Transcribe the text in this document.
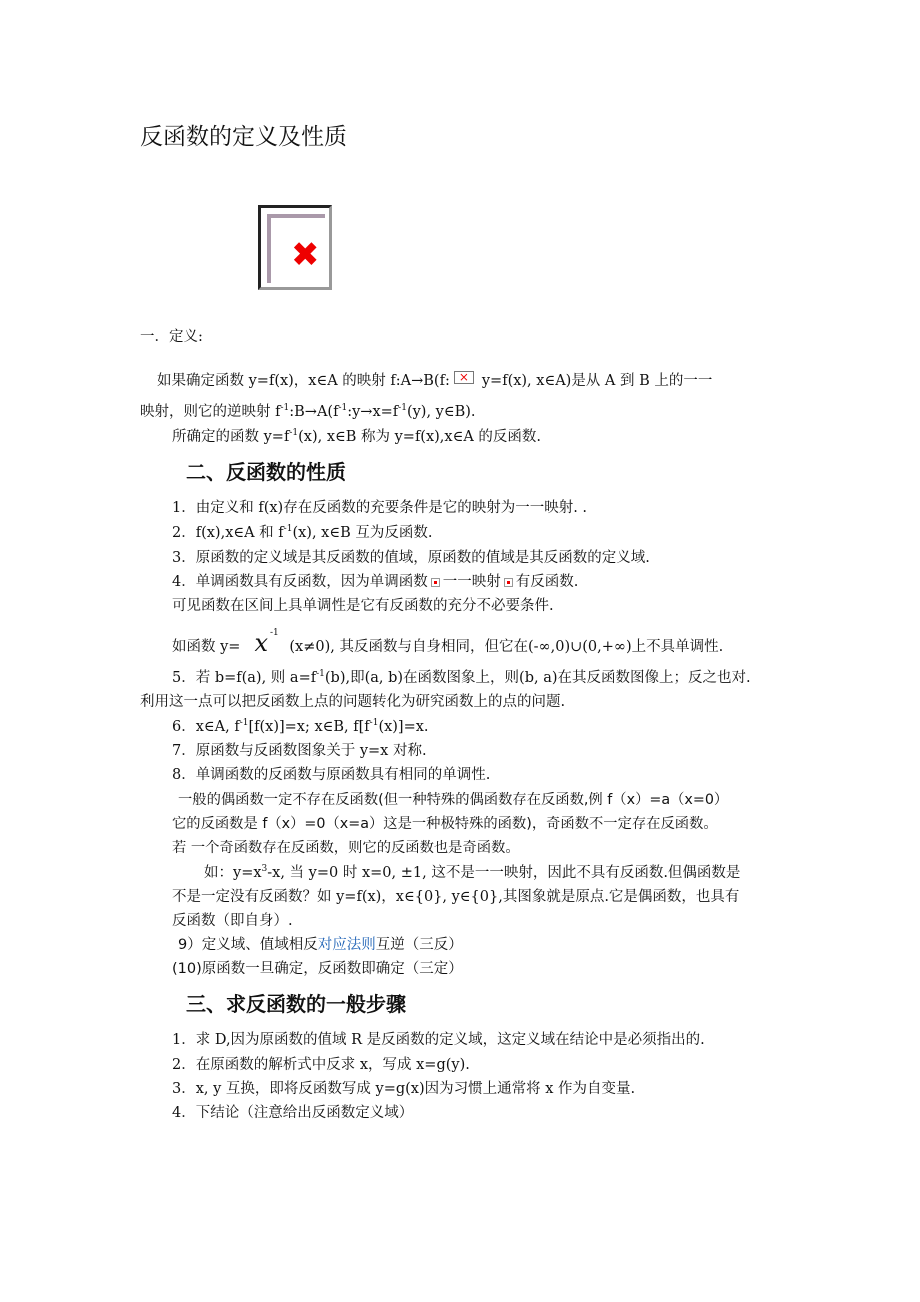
反函数的定义及性质
✖
一．定义:
如果确定函数 y=f(x)，x∈A 的映射 f:A→B(f: × y=f(x), x∈A)是从 A 到 B 上的一一
映射，则它的逆映射 $f^{-1}:B\to A(f^{-1}:y\to x=f^{-1}(y)$, y∈B).
所确定的函数 $y=f^{-1}(x)$, x∈B 称为 y=f(x),x∈A 的反函数.
二、反函数的性质
1．由定义和 f(x)存在反函数的充要条件是它的映射为一一映射. .
2．f(x),x∈A 和 $f^{-1}(x)$, x∈B 互为反函数.
3．原函数的定义域是其反函数的值域，原函数的值域是其反函数的定义域.
4．单调函数具有反函数，因为单调函数 一一映射 有反函数.
可见函数在区间上具单调性是它有反函数的充分不必要条件.
如函数 y= x $^{-1}$ (x≠0), 其反函数与自身相同，但它在(-∞,0)∪(0,+∞)上不具单调性.
5．若 b=f(a), 则 $a=f^{-1}(b)$,即(a, b)在函数图象上，则(b, a)在其反函数图像上；反之也对.
利用这一点可以把反函数上点的问题转化为研究函数上的点的问题.
6．x∈A, $f^{-1}[f(x)]=x$; x∈B, $f[f^{-1}(x)]=x$.
7．原函数与反函数图象关于 y=x 对称.
8．单调函数的反函数与原函数具有相同的单调性.
一般的偶函数一定不存在反函数(但一种特殊的偶函数存在反函数,例 f（x）=a（x=0）
它的反函数是 f（x）=0（x=a）这是一种极特殊的函数)，奇函数不一定存在反函数。
若 一个奇函数存在反函数，则它的反函数也是奇函数。
如：$y=x^3-x$, 当 y=0 时 x=0, ±1, 这不是一一映射，因此不具有反函数.但偶函数是
不是一定没有反函数？如 y=f(x)，x∈{0}, y∈{0},其图象就是原点.它是偶函数，也具有
反函数（即自身）.
9）定义域、值域相反对应法则互逆（三反）
(10)原函数一旦确定，反函数即确定（三定）
三、求反函数的一般步骤
1．求 D,因为原函数的值域 R 是反函数的定义域，这定义域在结论中是必须指出的.
2．在原函数的解析式中反求 x，写成 x=g(y).
3．x, y 互换，即将反函数写成 y=g(x)因为习惯上通常将 x 作为自变量.
4．下结论（注意给出反函数定义域）
